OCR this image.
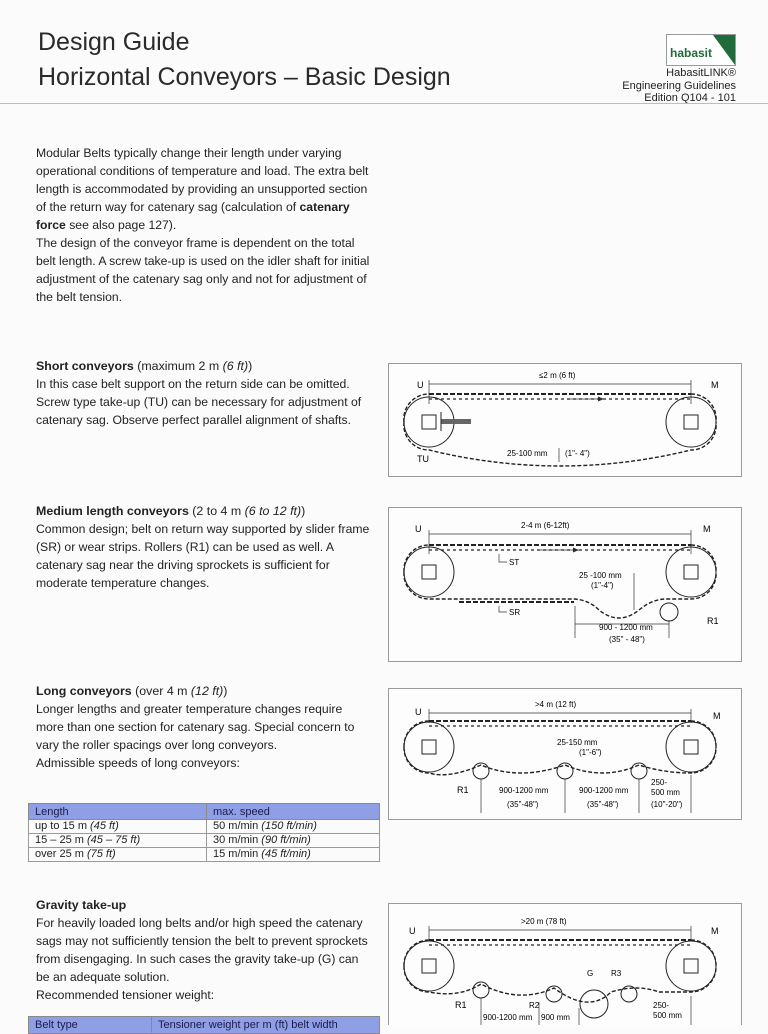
Design Guide
Horizontal Conveyors – Basic Design
habasit
HabasitLINK®
Engineering Guidelines
Edition Q104 - 101

Modular Belts typically change their length under varying operational conditions of temperature and load. The extra belt length is accommodated by providing an unsupported section of the return way for catenary sag (calculation of catenary force see also page 127).

The design of the conveyor frame is dependent on the total belt length. A screw take-up is used on the idler shaft for initial adjustment of the catenary sag only and not for adjustment of the belt tension.

Short conveyors (maximum 2 m (6 ft))

In this case belt support on the return side can be omitted. Screw type take-up (TU) can be necessary for adjustment of catenary sag. Observe perfect parallel alignment of shafts.

U	M
≤2 m (6 ft)
TU
25-100 mm (1"- 4")
Medium length conveyors (2 to 4 m (6 to 12 ft))

Common design; belt on return way supported by slider frame (SR) or wear strips. Rollers (R1) can be used as well. A catenary sag near the driving sprockets is sufficient for moderate temperature changes.

U	M
2-4 m (6-12ft)
ST
SR
25 -100 mm
(1"-4")
R1
900 - 1200 mm
(35" - 48")
Long conveyors (over 4 m (12 ft))

Longer lengths and greater temperature changes require more than one section for catenary sag. Special concern to vary the roller spacings over long conveyors.

Admissible speeds of long conveyors:

U	M
>4 m (12 ft)
25-150 mm
(1"-6")
R1	900-1200 mm
(35"-48")
900-1200 mm
(35"-48")
250-
500 mm
(10"-20")
Length	max. speed
up to 15 m (45 ft)	50 m/min (150 ft/min)
15 – 25 m (45 – 75 ft)	30 m/min (90 ft/min)
over 25 m (75 ft)	15 m/min (45 ft/min)
Gravity take-up

For heavily loaded long belts and/or high speed the catenary sags may not sufficiently tension the belt to prevent sprockets from disengaging. In such cases the gravity take-up (G) can be an adequate solution.

Recommended tensioner weight:

U	M
>20 m (78 ft)
G R3
R1	R2
900-1200 mm 900 mm
250-
500 mm
Belt type	Tensioner weight per m (ft) belt width
